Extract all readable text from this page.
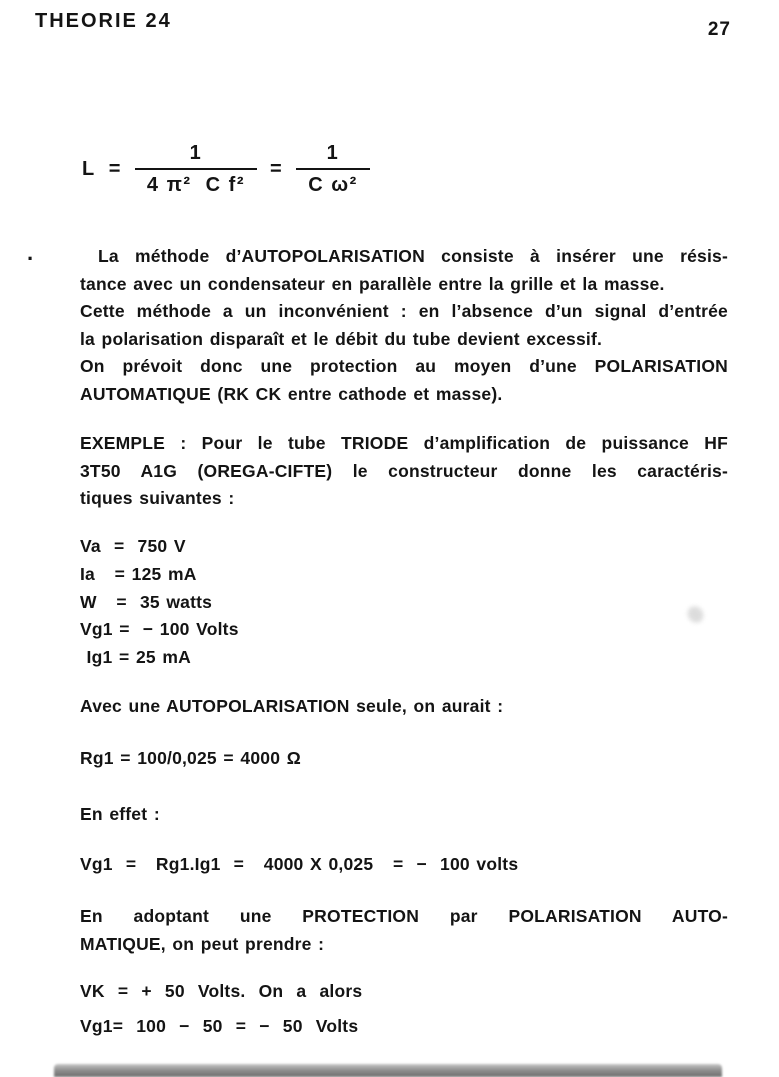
THEORIE 24	27
$L = \frac{1}{\text{4 π²  C f²}} = \frac{1}{\text{C ω²}}$
·	La méthode d’AUTOPOLARISATION consiste à insérer une résis-
tance avec un condensateur en parallèle entre la grille et la masse.
Cette méthode a un inconvénient : en l’absence d’un signal d’entrée
la polarisation disparaît et le débit du tube devient excessif.
On prévoit donc une protection au moyen d’une POLARISATION
AUTOMATIQUE (RK CK entre cathode et masse).
EXEMPLE : Pour le tube TRIODE d’amplification de puissance HF
3T50 A1G (OREGA-CIFTE) le constructeur donne les caractéris-
tiques suivantes :
Va  =  750 V
Ia   = 125 mA
W   =  35 watts
Vg1 =  − 100 Volts
Ig1 = 25 mA
Avec une AUTOPOLARISATION seule, on aurait :
Rg1 = 100/0,025 = 4000 Ω
En effet :
Vg1  =   Rg1.Ig1  =   4000 X 0,025   =  −  100 volts
En adoptant une PROTECTION par POLARISATION AUTO-
MATIQUE, on peut prendre :
VK  =  +  50  Volts.  On  a  alors
Vg1=  100  −  50  =  −  50  Volts
